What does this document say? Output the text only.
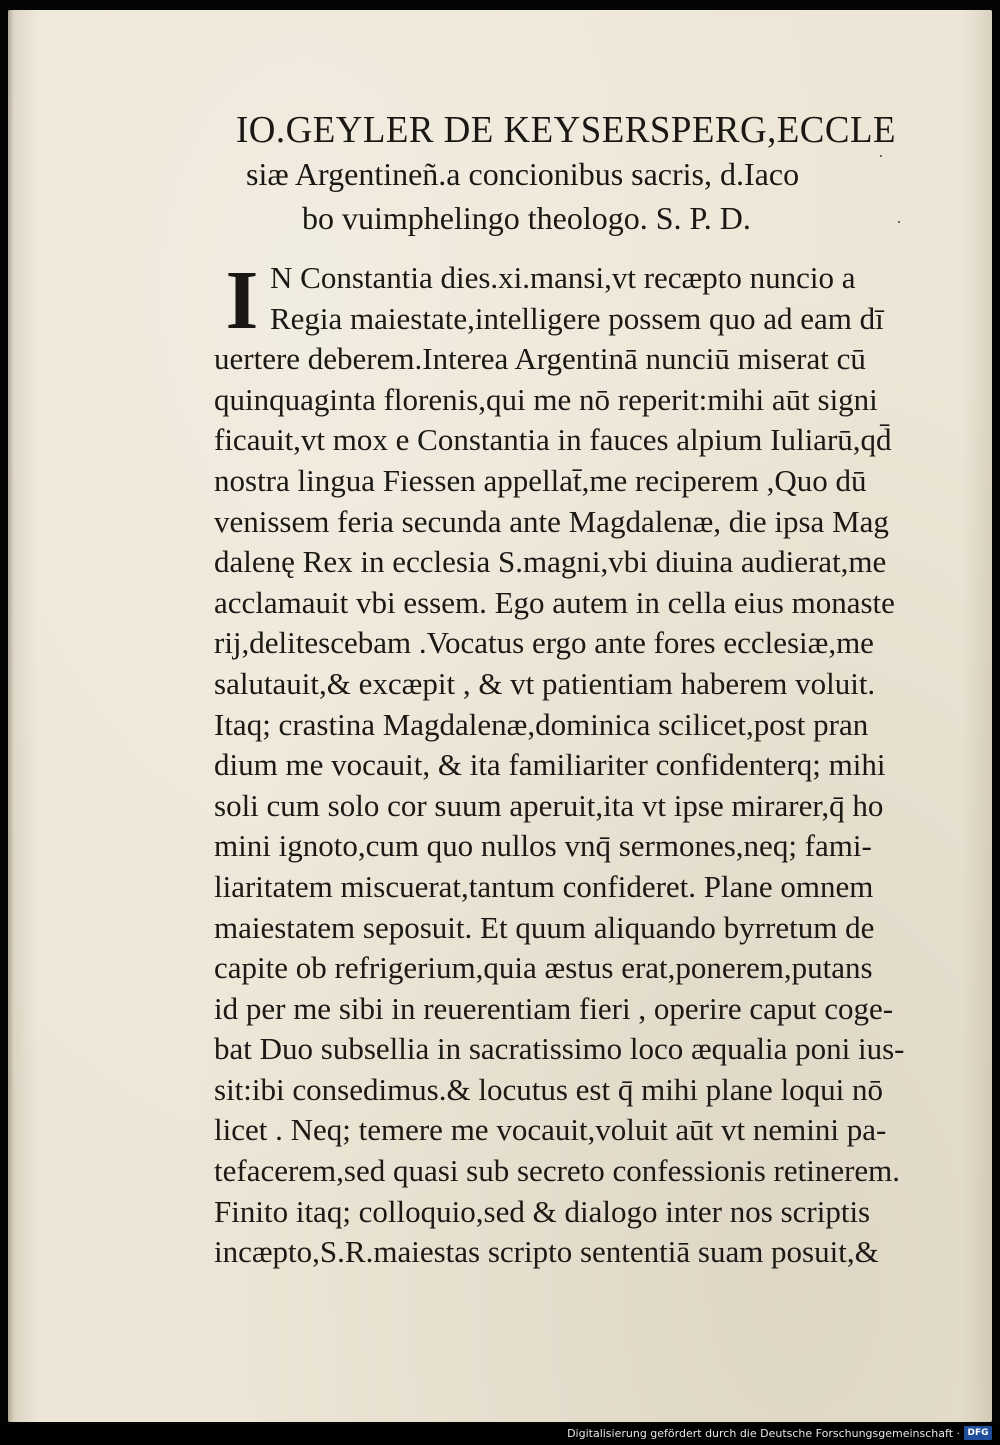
IO.GEYLER DE KEYSERSPERG,ECCLE
siæ Argentineñ.a concionibus sacris, d.Iaco
bo vuimphelingo theologo. S. P. D.
I N Constantia dies.xi.mansi,vt recæpto nuncio a
Regia maiestate,intelligere possem quo ad eam dī
uertere deberem.Interea Argentinā nunciū miserat cū
quinquaginta florenis,qui me nō reperit:mihi aūt signi
ficauit,vt mox e Constantia in fauces alpium Iuliarū,qd̄
nostra lingua Fiessen appellat̄,me reciperem ,Quo dū
venissem feria secunda ante Magdalenæ, die ipsa Mag
dalenę Rex in ecclesia S.magni,vbi diuina audierat,me
acclamauit vbi essem. Ego autem in cella eius monaste
rij,delitescebam .Vocatus ergo ante fores ecclesiæ,me
salutauit,& excæpit , & vt patientiam haberem voluit.
Itaq; crastina Magdalenæ,dominica scilicet,post pran
dium me vocauit, & ita familiariter confidenterq; mihi
soli cum solo cor suum aperuit,ita vt ipse mirarer,q̄ ho
mini ignoto,cum quo nullos vnq̄ sermones,neq; fami-
liaritatem miscuerat,tantum confideret. Plane omnem
maiestatem seposuit. Et quum aliquando byrretum de
capite ob refrigerium,quia æstus erat,ponerem,putans
id per me sibi in reuerentiam fieri , operire caput coge-
bat Duo subsellia in sacratissimo loco æqualia poni ius-
sit:ibi consedimus.& locutus est q̄ mihi plane loqui nō
licet . Neq; temere me vocauit,voluit aūt vt nemini pa-
tefacerem,sed quasi sub secreto confessionis retinerem.
Finito itaq; colloquio,sed & dialogo inter nos scriptis
incæpto,S.R.maiestas scripto sententiā suam posuit,&
·
·
Digitalisierung gefördert durch die Deutsche Forschungsgemeinschaft · DFG
